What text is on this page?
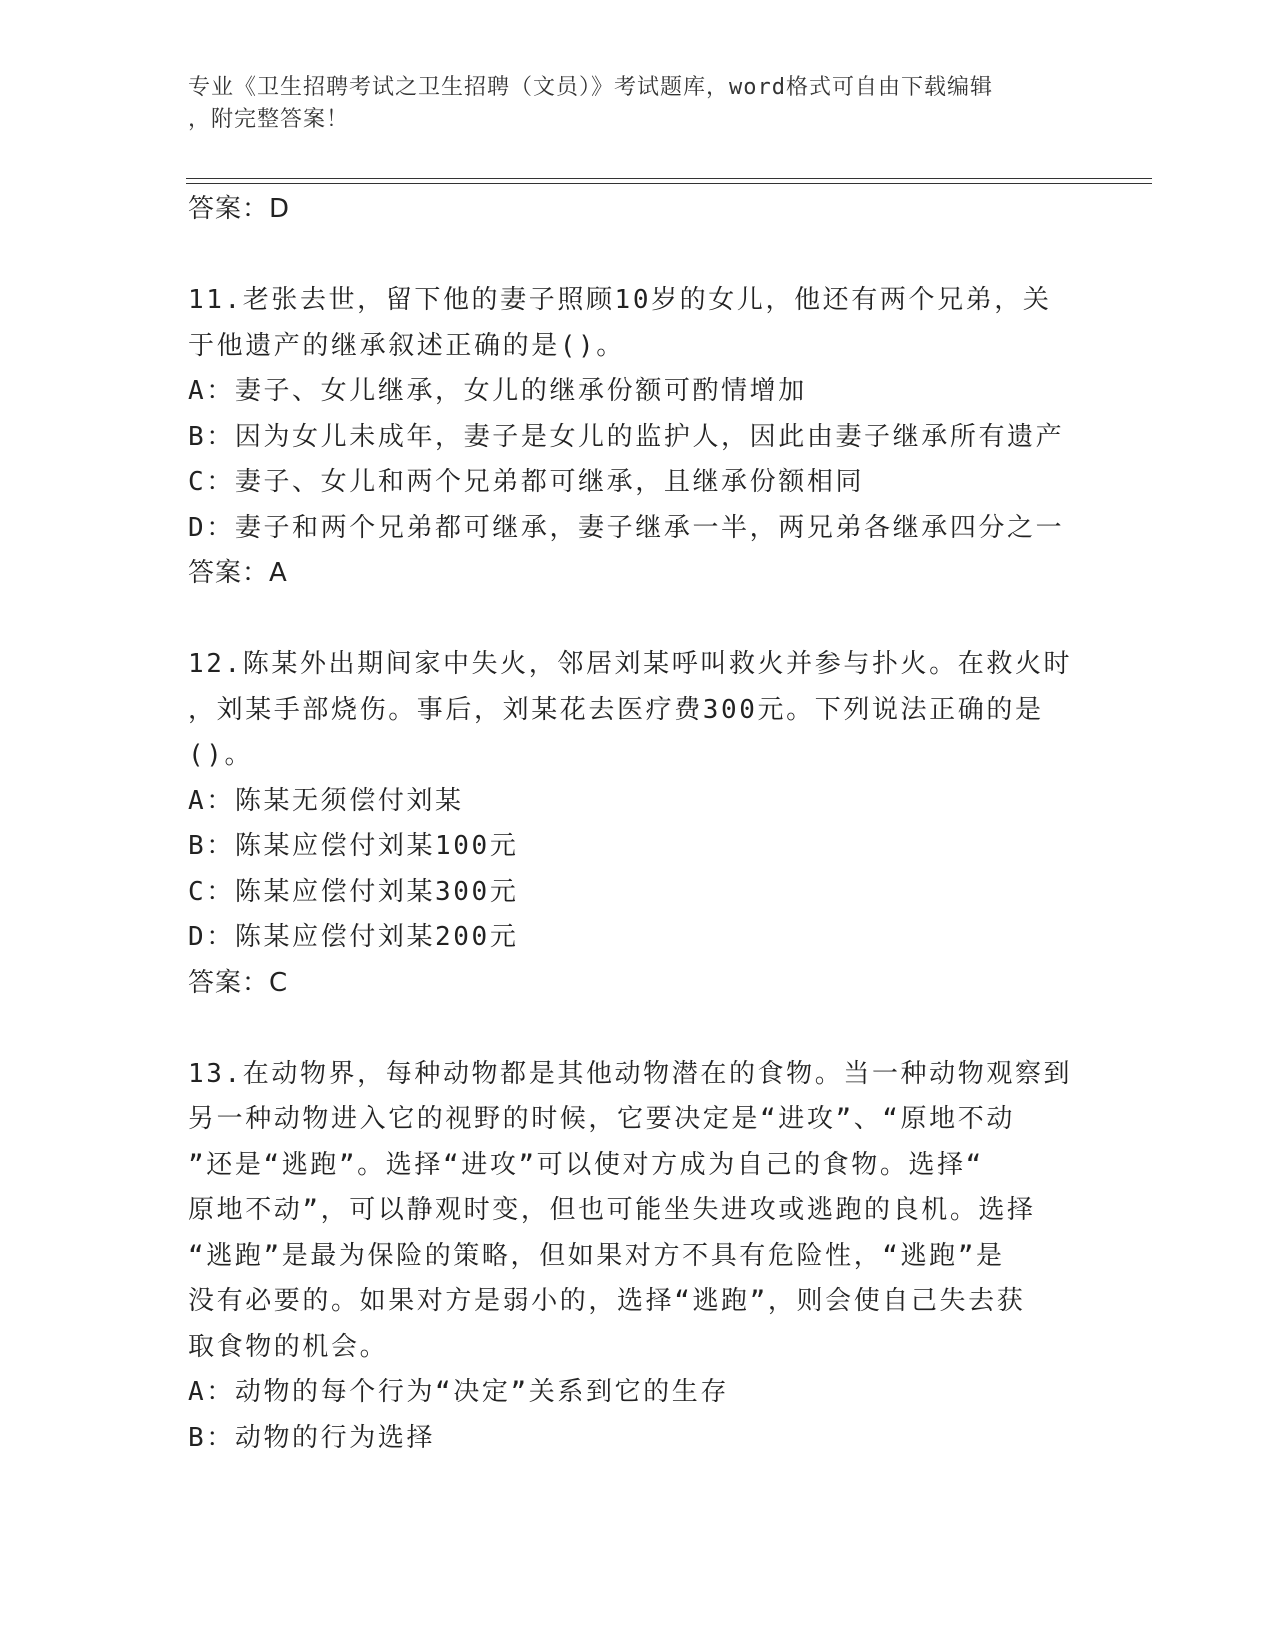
专业《卫生招聘考试之卫生招聘（文员）》考试题库，word格式可自由下载编辑

，附完整答案！

答案：D

11.老张去世，留下他的妻子照顾10岁的女儿，他还有两个兄弟，关

于他遗产的继承叙述正确的是()。

A：妻子、女儿继承，女儿的继承份额可酌情增加

B：因为女儿未成年，妻子是女儿的监护人，因此由妻子继承所有遗产

C：妻子、女儿和两个兄弟都可继承，且继承份额相同

D：妻子和两个兄弟都可继承，妻子继承一半，两兄弟各继承四分之一

答案：A

12.陈某外出期间家中失火，邻居刘某呼叫救火并参与扑火。在救火时

，刘某手部烧伤。事后，刘某花去医疗费300元。下列说法正确的是

()。

A：陈某无须偿付刘某

B：陈某应偿付刘某100元

C：陈某应偿付刘某300元

D：陈某应偿付刘某200元

答案：C

13.在动物界，每种动物都是其他动物潜在的食物。当一种动物观察到

另一种动物进入它的视野的时候，它要决定是“进攻”、“原地不动

”还是“逃跑”。选择“进攻”可以使对方成为自己的食物。选择“

原地不动”，可以静观时变，但也可能坐失进攻或逃跑的良机。选择

“逃跑”是最为保险的策略，但如果对方不具有危险性，“逃跑”是

没有必要的。如果对方是弱小的，选择“逃跑”，则会使自己失去获

取食物的机会。

A：动物的每个行为“决定”关系到它的生存

B：动物的行为选择
